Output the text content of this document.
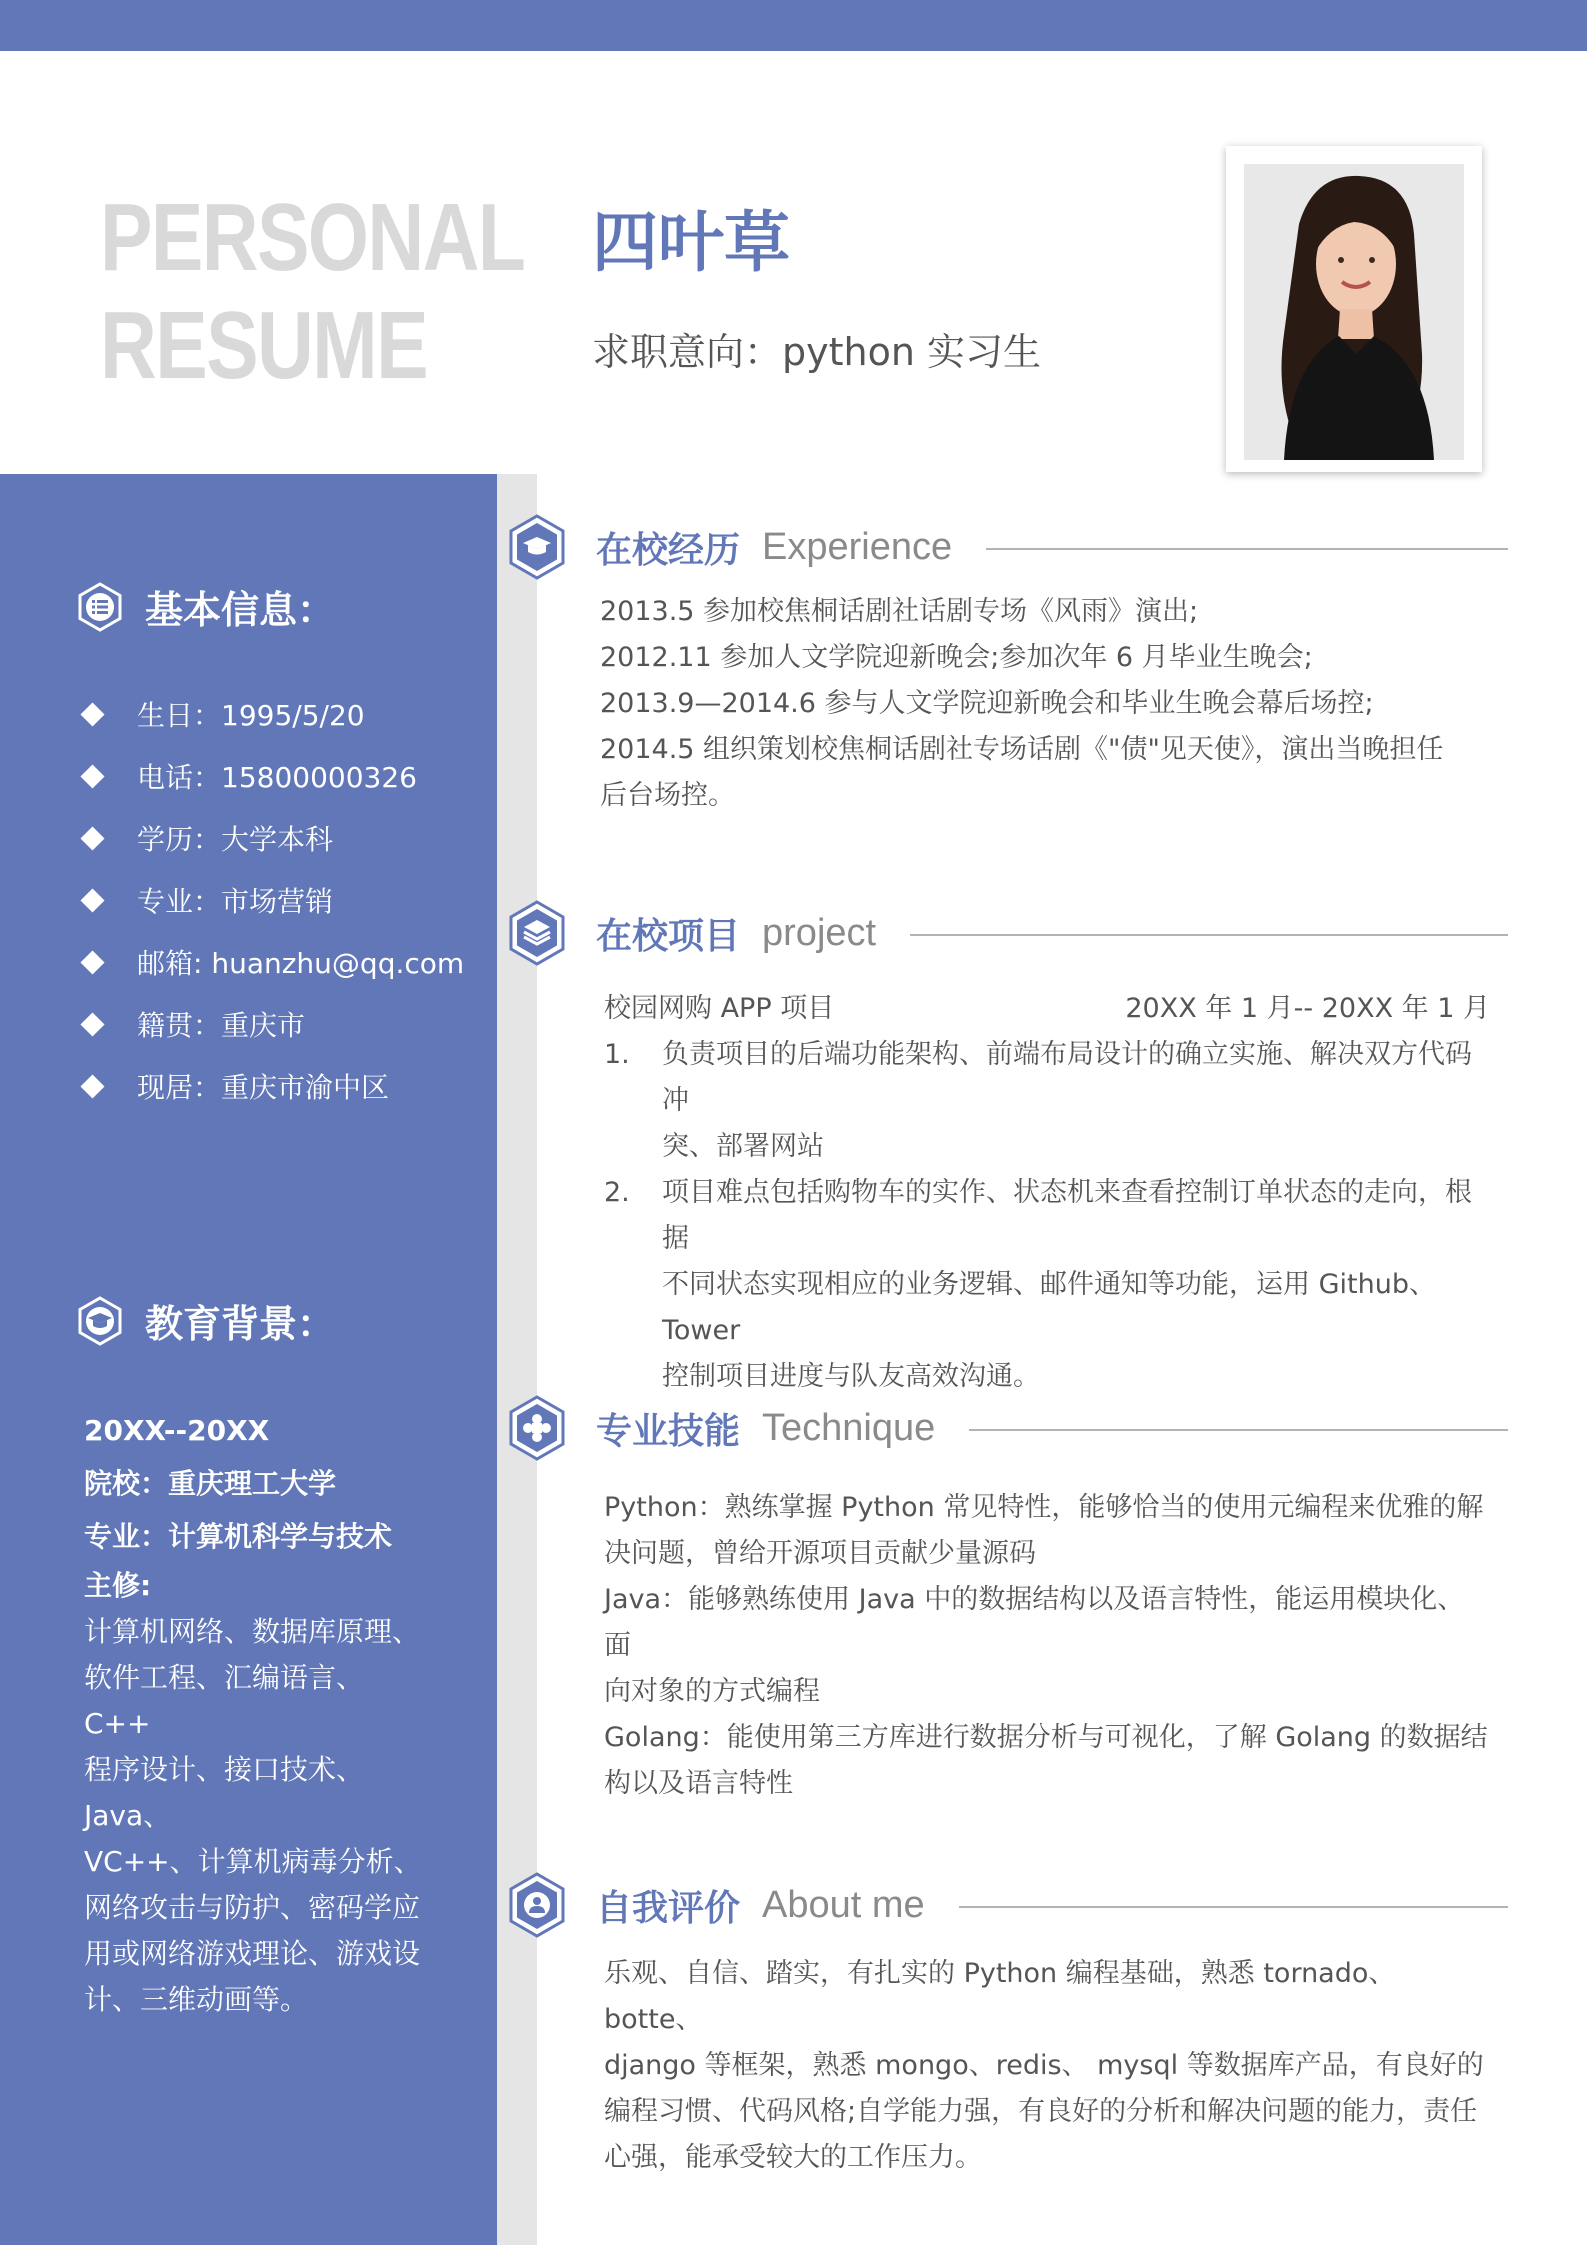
PERSONAL
RESUME
四叶草
求职意向：python 实习生
基本信息：
生日：1995/5/20
电话：15800000326
学历：大学本科
专业：市场营销
邮箱: huanzhu@qq.com
籍贯：重庆市
现居：重庆市渝中区
教育背景：
20XX--20XX
院校：重庆理工大学
专业：计算机科学与技术
主修:
计算机网络、数据库原理、
软件工程、汇编语言、C++
程序设计、接口技术、Java、
VC++、计算机病毒分析、
网络攻击与防护、密码学应
用或网络游戏理论、游戏设
计、三维动画等。
在校经历 Experience
2013.5 参加校焦桐话剧社话剧专场《风雨》演出;
2012.11 参加人文学院迎新晚会;参加次年 6 月毕业生晚会;
2013.9—2014.6 参与人文学院迎新晚会和毕业生晚会幕后场控;
2014.5 组织策划校焦桐话剧社专场话剧《"债"见天使》，演出当晚担任
后台场控。
在校项目 project
校园网购 APP 项目	20XX 年 1 月-- 20XX 年 1 月
1.	负责项目的后端功能架构、前端布局设计的确立实施、解决双方代码冲
突、部署网站
2.	项目难点包括购物车的实作、状态机来查看控制订单状态的走向，根据
不同状态实现相应的业务逻辑、邮件通知等功能，运用 Github、Tower
控制项目进度与队友高效沟通。
专业技能 Technique
Python：熟练掌握 Python 常见特性，能够恰当的使用元编程来优雅的解
决问题，曾给开源项目贡献少量源码
Java：能够熟练使用 Java 中的数据结构以及语言特性，能运用模块化、面
向对象的方式编程
Golang：能使用第三方库进行数据分析与可视化，了解 Golang 的数据结
构以及语言特性
自我评价 About me
乐观、自信、踏实，有扎实的 Python 编程基础，熟悉 tornado、botte、
django 等框架，熟悉 mongo、redis、 mysql 等数据库产品，有良好的
编程习惯、代码风格;自学能力强，有良好的分析和解决问题的能力，责任
心强，能承受较大的工作压力。
